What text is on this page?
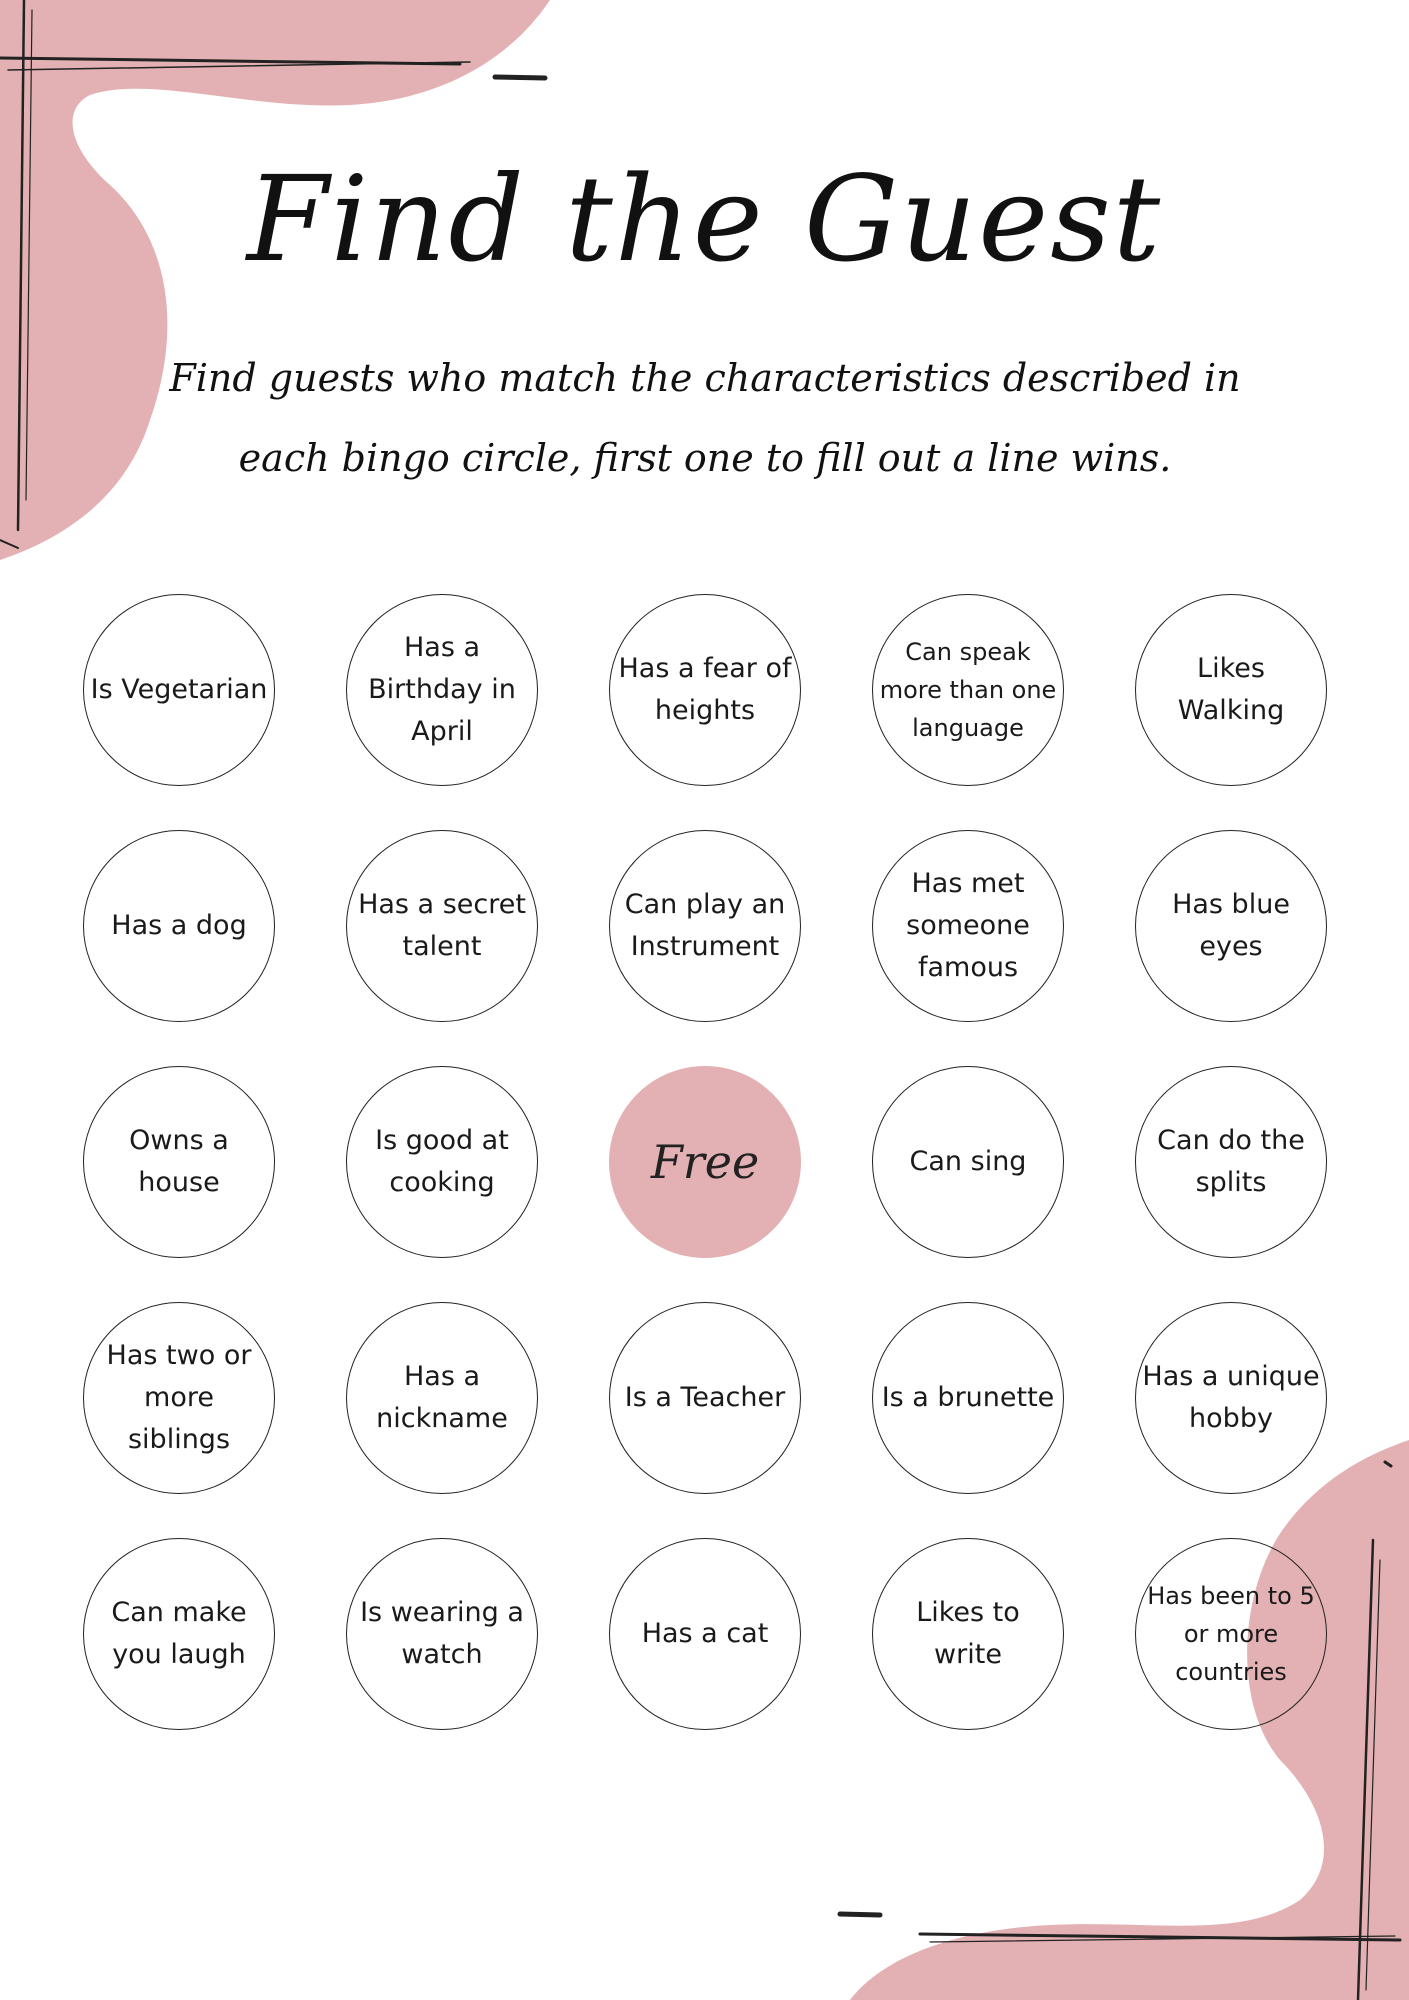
Find the Guest

Find guests who match the characteristics described in
each bingo circle, first one to fill out a line wins.

Is Vegetarian
Has a Birthday in April
Has a fear of heights
Can speak more than one language
Likes Walking
Has a dog
Has a secret talent
Can play an Instrument
Has met someone famous
Has blue eyes
Owns a house
Is good at cooking	Free	Can sing
Can do the splits
Has two or more siblings
Has a nickname
Is a Teacher	Is a brunette
Has a unique hobby
Can make you laugh
Is wearing a watch
Has a cat
Likes to write
Has been to 5 or more countries
